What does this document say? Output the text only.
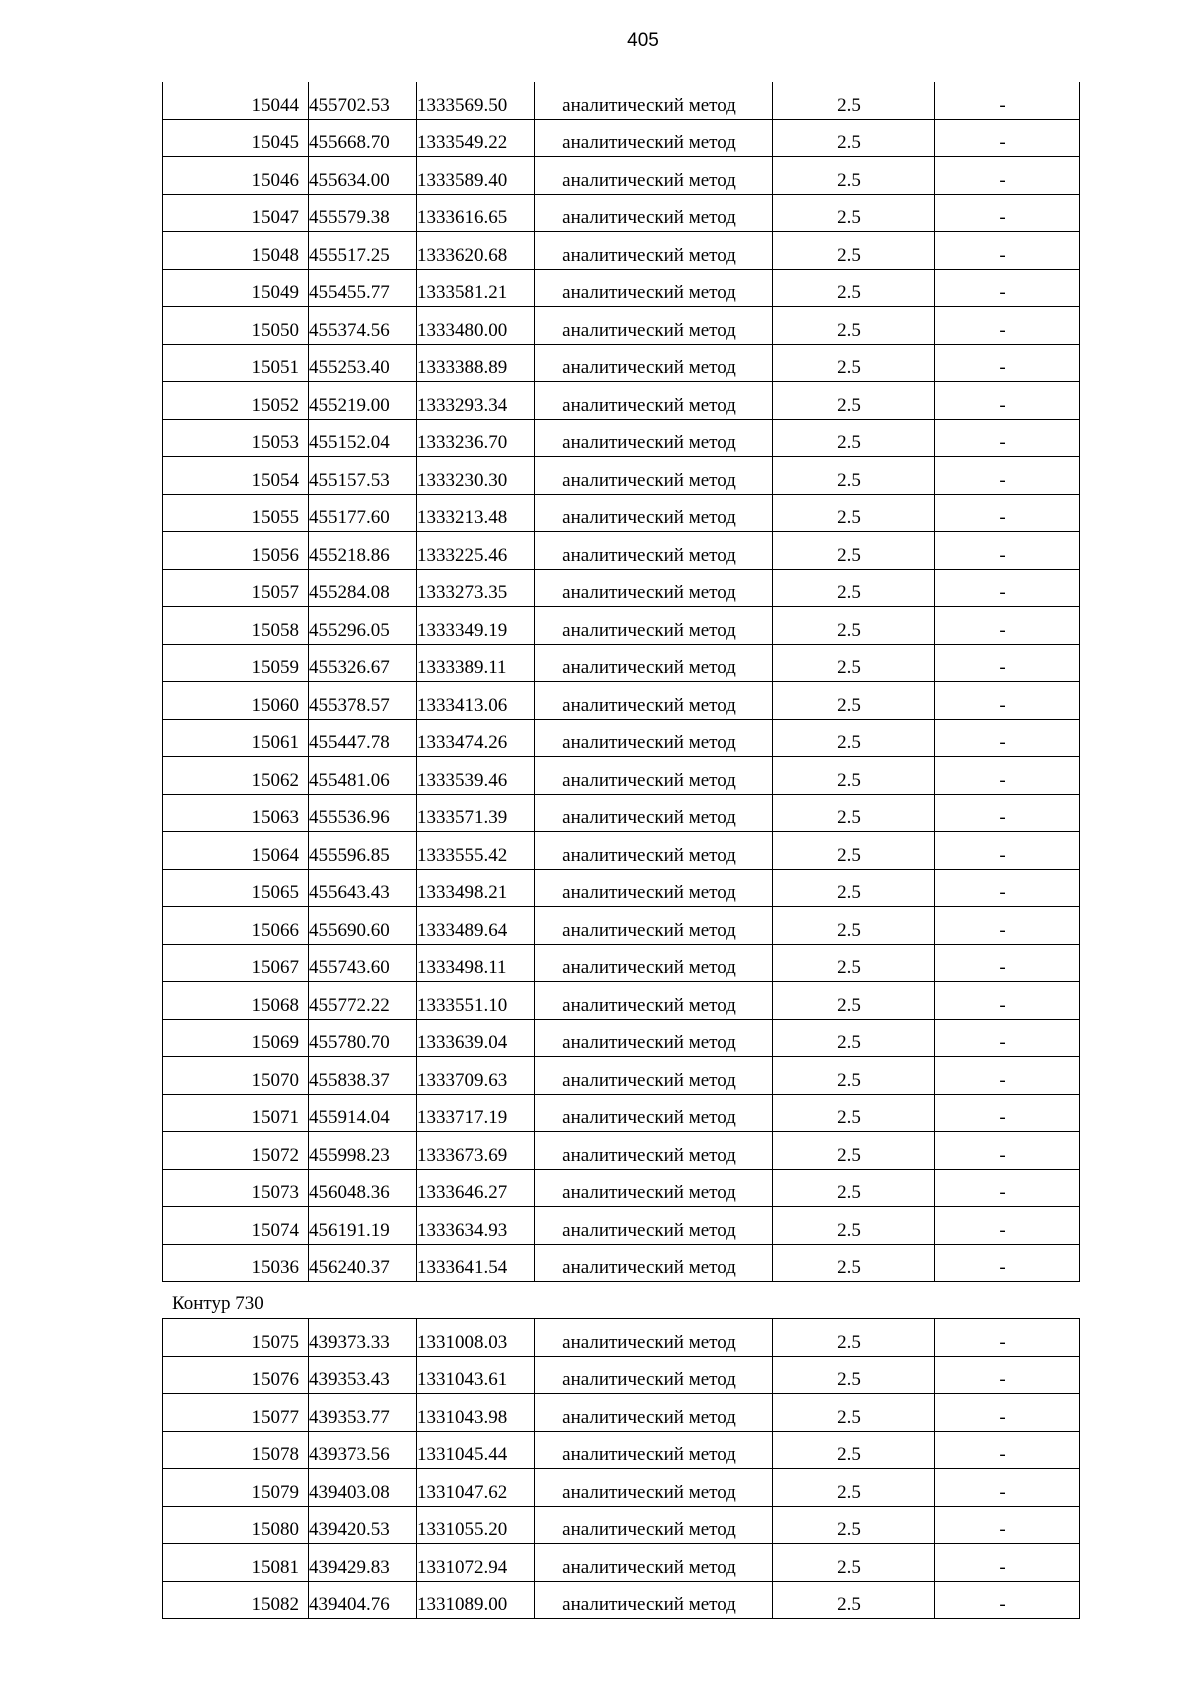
405
15044	455702.53	1333569.50	аналитический метод	2.5	-
15045	455668.70	1333549.22	аналитический метод	2.5	-
15046	455634.00	1333589.40	аналитический метод	2.5	-
15047	455579.38	1333616.65	аналитический метод	2.5	-
15048	455517.25	1333620.68	аналитический метод	2.5	-
15049	455455.77	1333581.21	аналитический метод	2.5	-
15050	455374.56	1333480.00	аналитический метод	2.5	-
15051	455253.40	1333388.89	аналитический метод	2.5	-
15052	455219.00	1333293.34	аналитический метод	2.5	-
15053	455152.04	1333236.70	аналитический метод	2.5	-
15054	455157.53	1333230.30	аналитический метод	2.5	-
15055	455177.60	1333213.48	аналитический метод	2.5	-
15056	455218.86	1333225.46	аналитический метод	2.5	-
15057	455284.08	1333273.35	аналитический метод	2.5	-
15058	455296.05	1333349.19	аналитический метод	2.5	-
15059	455326.67	1333389.11	аналитический метод	2.5	-
15060	455378.57	1333413.06	аналитический метод	2.5	-
15061	455447.78	1333474.26	аналитический метод	2.5	-
15062	455481.06	1333539.46	аналитический метод	2.5	-
15063	455536.96	1333571.39	аналитический метод	2.5	-
15064	455596.85	1333555.42	аналитический метод	2.5	-
15065	455643.43	1333498.21	аналитический метод	2.5	-
15066	455690.60	1333489.64	аналитический метод	2.5	-
15067	455743.60	1333498.11	аналитический метод	2.5	-
15068	455772.22	1333551.10	аналитический метод	2.5	-
15069	455780.70	1333639.04	аналитический метод	2.5	-
15070	455838.37	1333709.63	аналитический метод	2.5	-
15071	455914.04	1333717.19	аналитический метод	2.5	-
15072	455998.23	1333673.69	аналитический метод	2.5	-
15073	456048.36	1333646.27	аналитический метод	2.5	-
15074	456191.19	1333634.93	аналитический метод	2.5	-
15036	456240.37	1333641.54	аналитический метод	2.5	-
Контур 730
15075	439373.33	1331008.03	аналитический метод	2.5	-
15076	439353.43	1331043.61	аналитический метод	2.5	-
15077	439353.77	1331043.98	аналитический метод	2.5	-
15078	439373.56	1331045.44	аналитический метод	2.5	-
15079	439403.08	1331047.62	аналитический метод	2.5	-
15080	439420.53	1331055.20	аналитический метод	2.5	-
15081	439429.83	1331072.94	аналитический метод	2.5	-
15082	439404.76	1331089.00	аналитический метод	2.5	-
